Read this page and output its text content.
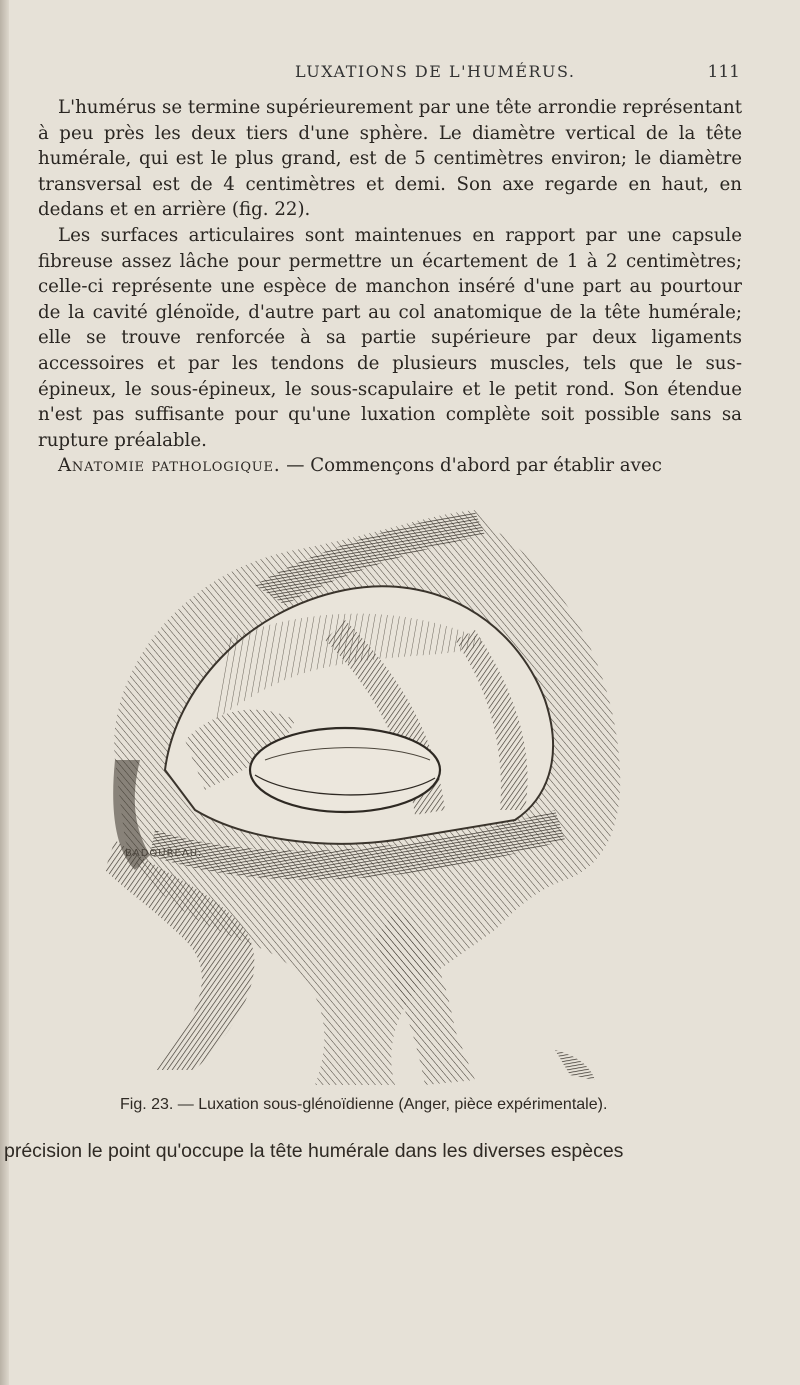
LUXATIONS DE L'HUMÉRUS.	111

L'humérus se termine supérieurement par une tête arrondie représentant à peu près les deux tiers d'une sphère. Le diamètre vertical de la tête humérale, qui est le plus grand, est de 5 centimètres environ; le diamètre transversal est de 4 centimètres et demi. Son axe regarde en haut, en dedans et en arrière (fig. 22).

Les surfaces articulaires sont maintenues en rapport par une capsule fibreuse assez lâche pour permettre un écartement de 1 à 2 centimètres; celle-ci représente une espèce de manchon inséré d'une part au pourtour de la cavité glénoïde, d'autre part au col anatomique de la tête humérale; elle se trouve renforcée à sa partie supérieure par deux ligaments accessoires et par les tendons de plusieurs muscles, tels que le sus-épineux, le sous-épineux, le sous-scapulaire et le petit rond. Son étendue n'est pas suffisante pour qu'une luxation complète soit possible sans sa rupture préalable.

Anatomie pathologique. — Commençons d'abord par établir avec

BADOUREAU.
Fig. 23. — Luxation sous-glénoïdienne (Anger, pièce expérimentale).
précision le point qu'occupe la tête humérale dans les diverses espèces
